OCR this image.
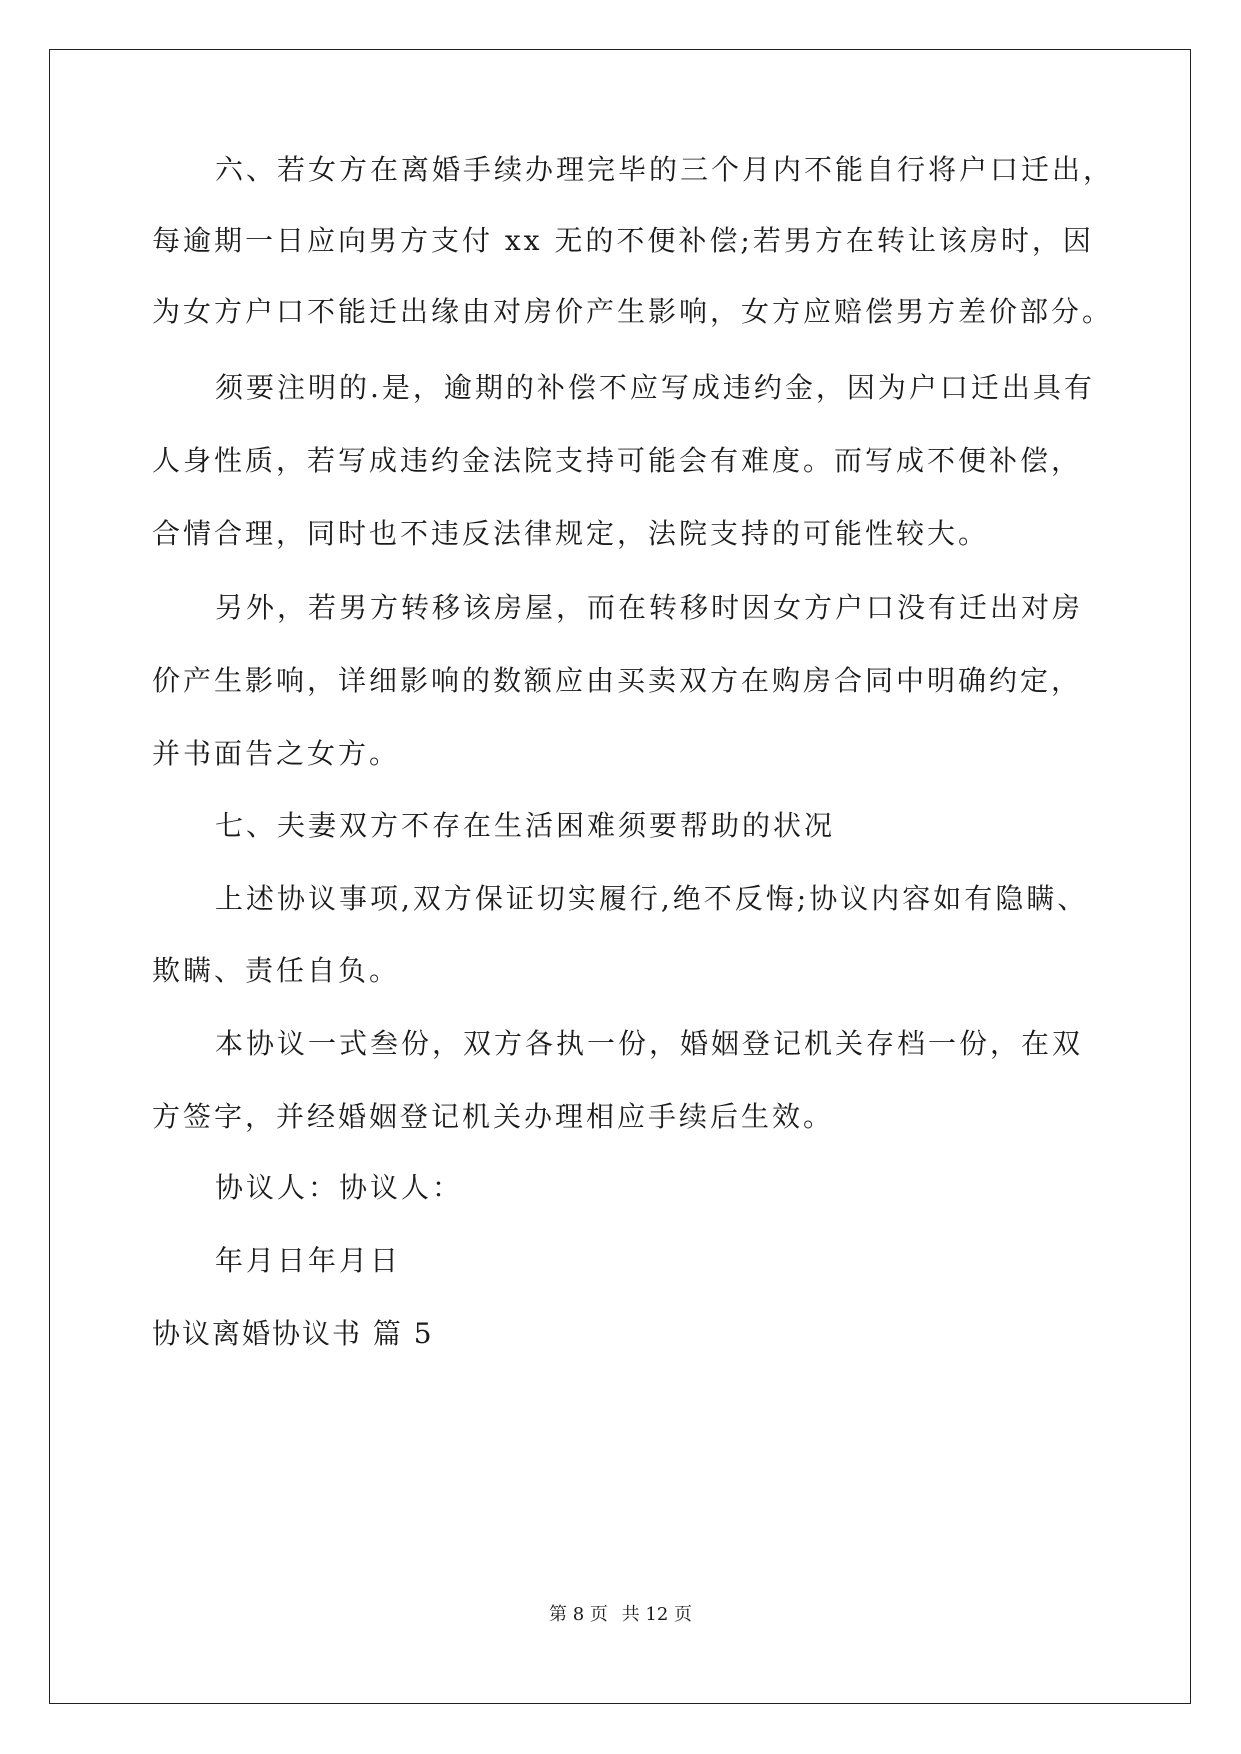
六、若女方在离婚手续办理完毕的三个月内不能自行将户口迁出，
每逾期一日应向男方支付 xx 无的不便补偿;若男方在转让该房时，因
为女方户口不能迁出缘由对房价产生影响，女方应赔偿男方差价部分。
须要注明的.是，逾期的补偿不应写成违约金，因为户口迁出具有
人身性质，若写成违约金法院支持可能会有难度。而写成不便补偿，
合情合理，同时也不违反法律规定，法院支持的可能性较大。
另外，若男方转移该房屋，而在转移时因女方户口没有迁出对房
价产生影响，详细影响的数额应由买卖双方在购房合同中明确约定，
并书面告之女方。
七、夫妻双方不存在生活困难须要帮助的状况
上述协议事项,双方保证切实履行,绝不反悔;协议内容如有隐瞒、
欺瞒、责任自负。
本协议一式叁份，双方各执一份，婚姻登记机关存档一份，在双
方签字，并经婚姻登记机关办理相应手续后生效。
协议人：协议人：
年月日年月日
协议离婚协议书 篇 5
第 8 页 共 12 页
